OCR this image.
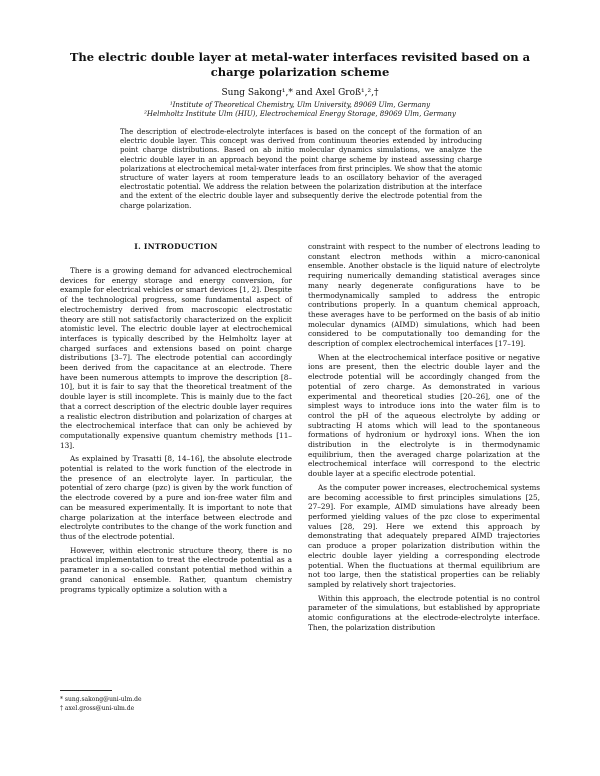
The electric double layer at metal-water interfaces revisited based on a charge polarization scheme
Sung Sakong¹,* and Axel Groß¹,²,†
¹Institute of Theoretical Chemistry, Ulm University, 89069 Ulm, Germany
²Helmholtz Institute Ulm (HIU), Electrochemical Energy Storage, 89069 Ulm, Germany

The description of electrode-electrolyte interfaces is based on the concept of the formation of an electric double layer. This concept was derived from continuum theories extended by introducing point charge distributions. Based on ab initio molecular dynamics simulations, we analyze the electric double layer in an approach beyond the point charge scheme by instead assessing charge polarizations at electrochemical metal-water interfaces from first principles. We show that the atomic structure of water layers at room temperature leads to an oscillatory behavior of the averaged electrostatic potential. We address the relation between the polarization distribution at the interface and the extent of the electric double layer and subsequently derive the electrode potential from the charge polarization.

I. INTRODUCTION

There is a growing demand for advanced electrochemical devices for energy storage and energy conversion, for example for electrical vehicles or smart devices [1, 2]. Despite of the technological progress, some fundamental aspect of electrochemistry derived from macroscopic electrostatic theory are still not satisfactorily characterized on the explicit atomistic level. The electric double layer at electrochemical interfaces is typically described by the Helmholtz layer at charged surfaces and extensions based on point charge distributions [3–7]. The electrode potential can accordingly been derived from the capacitance at an electrode. There have been numerous attempts to improve the description [8–10], but it is fair to say that the theoretical treatment of the double layer is still incomplete. This is mainly due to the fact that a correct description of the electric double layer requires a realistic electron distribution and polarization of charges at the electrochemical interface that can only be achieved by computationally expensive quantum chemistry methods [11–13].

As explained by Trasatti [8, 14–16], the absolute electrode potential is related to the work function of the electrode in the presence of an electrolyte layer. In particular, the potential of zero charge (pzc) is given by the work function of the electrode covered by a pure and ion-free water film and can be measured experimentally. It is important to note that charge polarization at the interface between electrode and electrolyte contributes to the change of the work function and thus of the electrode potential.

However, within electronic structure theory, there is no practical implementation to treat the electrode potential as a parameter in a so-called constant potential method within a grand canonical ensemble. Rather, quantum chemistry programs typically optimize a solution with a

constraint with respect to the number of electrons leading to constant electron methods within a micro-canonical ensemble. Another obstacle is the liquid nature of electrolyte requiring numerically demanding statistical averages since many nearly degenerate configurations have to be thermodynamically sampled to address the entropic contributions properly. In a quantum chemical approach, these averages have to be performed on the basis of ab initio molecular dynamics (AIMD) simulations, which had been considered to be computationally too demanding for the description of complex electrochemical interfaces [17–19].

When at the electrochemical interface positive or negative ions are present, then the electric double layer and the electrode potential will be accordingly changed from the potential of zero charge. As demonstrated in various experimental and theoretical studies [20–26], one of the simplest ways to introduce ions into the water film is to control the pH of the aqueous electrolyte by adding or subtracting H atoms which will lead to the spontaneous formations of hydronium or hydroxyl ions. When the ion distribution in the electrolyte is in thermodynamic equilibrium, then the averaged charge polarization at the electrochemical interface will correspond to the electric double layer at a specific electrode potential.

As the computer power increases, electrochemical systems are becoming accessible to first principles simulations [25, 27–29]. For example, AIMD simulations have already been performed yielding values of the pzc close to experimental values [28, 29]. Here we extend this approach by demonstrating that adequately prepared AIMD trajectories can produce a proper polarization distribution within the electric double layer yielding a corresponding electrode potential. When the fluctuations at thermal equilibrium are not too large, then the statistical properties can be reliably sampled by relatively short trajectories.

Within this approach, the electrode potential is no control parameter of the simulations, but established by appropriate atomic configurations at the electrode-electrolyte interface. Then, the polarization distribution

* sung.sakong@uni-ulm.de
† axel.gross@uni-ulm.de
